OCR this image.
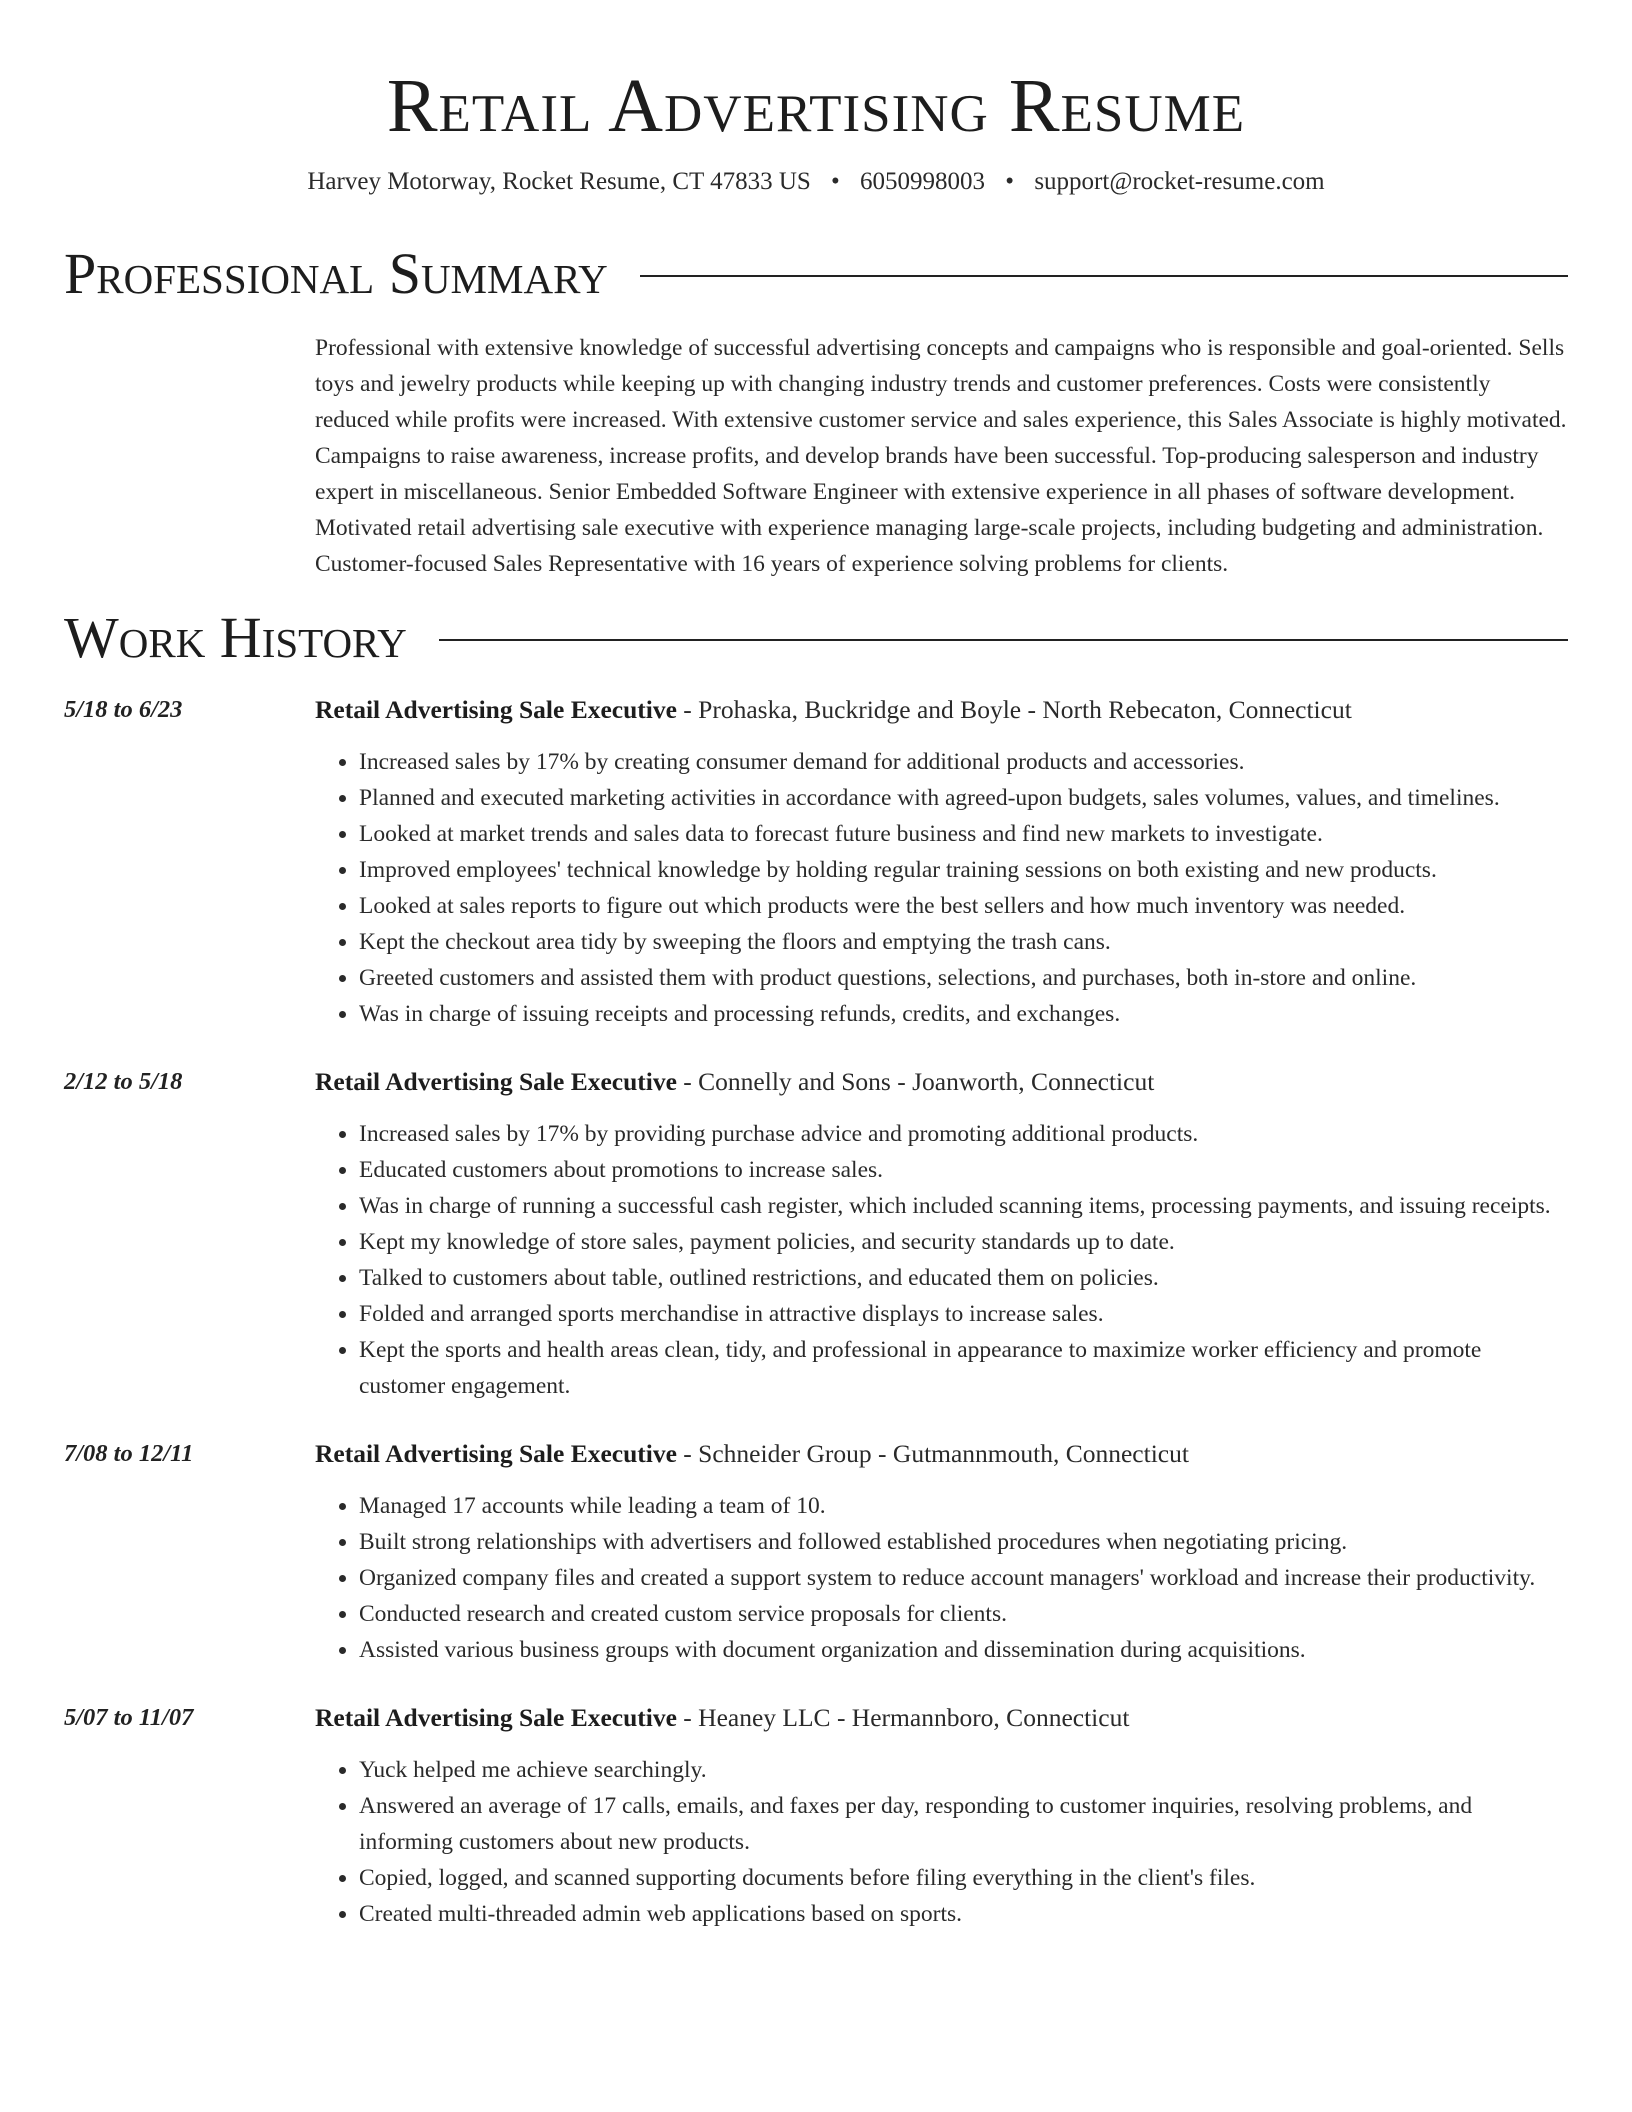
Retail Advertising Resume
Harvey Motorway, Rocket Resume, CT 47833 US • 6050998003 • support@rocket-resume.com
Professional Summary
Professional with extensive knowledge of successful advertising concepts and campaigns who is responsible and goal-oriented. Sells toys and jewelry products while keeping up with changing industry trends and customer preferences. Costs were consistently reduced while profits were increased. With extensive customer service and sales experience, this Sales Associate is highly motivated. Campaigns to raise awareness, increase profits, and develop brands have been successful. Top-producing salesperson and industry expert in miscellaneous. Senior Embedded Software Engineer with extensive experience in all phases of software development. Motivated retail advertising sale executive with experience managing large-scale projects, including budgeting and administration. Customer-focused Sales Representative with 16 years of experience solving problems for clients.
Work History
5/18 to 6/23	Retail Advertising Sale Executive - Prohaska, Buckridge and Boyle - North Rebecaton, Connecticut
• Increased sales by 17% by creating consumer demand for additional products and accessories.
• Planned and executed marketing activities in accordance with agreed-upon budgets, sales volumes, values, and timelines.
• Looked at market trends and sales data to forecast future business and find new markets to investigate.
• Improved employees' technical knowledge by holding regular training sessions on both existing and new products.
• Looked at sales reports to figure out which products were the best sellers and how much inventory was needed.
• Kept the checkout area tidy by sweeping the floors and emptying the trash cans.
• Greeted customers and assisted them with product questions, selections, and purchases, both in-store and online.
• Was in charge of issuing receipts and processing refunds, credits, and exchanges.
2/12 to 5/18	Retail Advertising Sale Executive - Connelly and Sons - Joanworth, Connecticut
• Increased sales by 17% by providing purchase advice and promoting additional products.
• Educated customers about promotions to increase sales.
• Was in charge of running a successful cash register, which included scanning items, processing payments, and issuing receipts.
• Kept my knowledge of store sales, payment policies, and security standards up to date.
• Talked to customers about table, outlined restrictions, and educated them on policies.
• Folded and arranged sports merchandise in attractive displays to increase sales.
• Kept the sports and health areas clean, tidy, and professional in appearance to maximize worker efficiency and promote customer engagement.
7/08 to 12/11	Retail Advertising Sale Executive - Schneider Group - Gutmannmouth, Connecticut
• Managed 17 accounts while leading a team of 10.
• Built strong relationships with advertisers and followed established procedures when negotiating pricing.
• Organized company files and created a support system to reduce account managers' workload and increase their productivity.
• Conducted research and created custom service proposals for clients.
• Assisted various business groups with document organization and dissemination during acquisitions.
5/07 to 11/07	Retail Advertising Sale Executive - Heaney LLC - Hermannboro, Connecticut
• Yuck helped me achieve searchingly.
• Answered an average of 17 calls, emails, and faxes per day, responding to customer inquiries, resolving problems, and informing customers about new products.
• Copied, logged, and scanned supporting documents before filing everything in the client's files.
• Created multi-threaded admin web applications based on sports.
